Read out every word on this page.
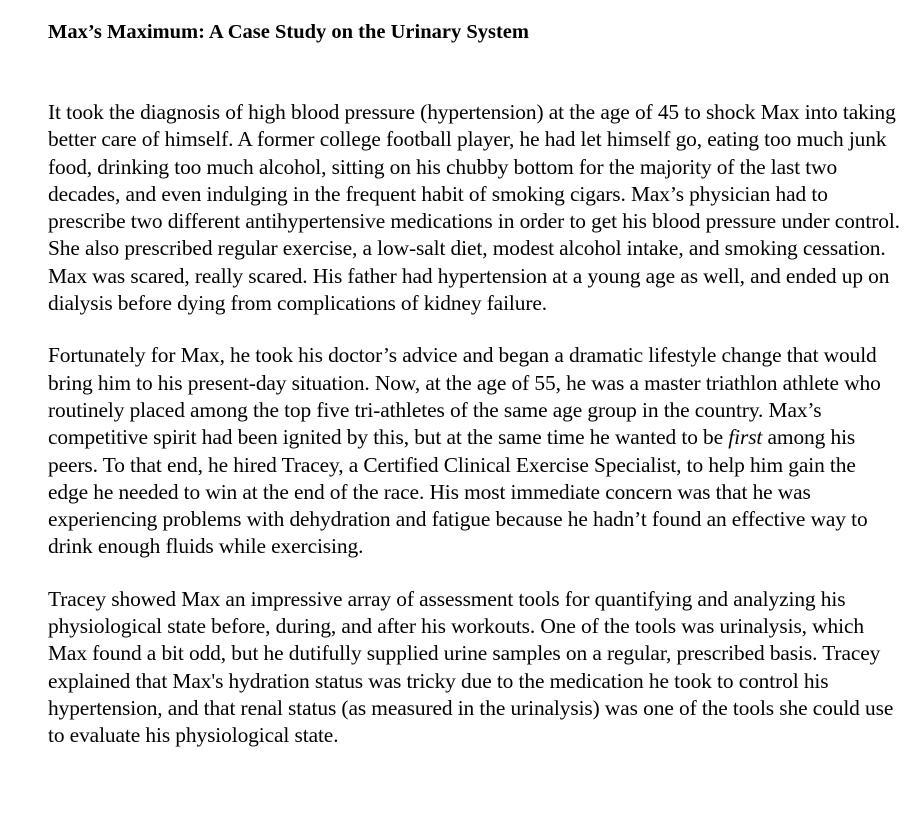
Max’s Maximum: A Case Study on the Urinary System

It took the diagnosis of high blood pressure (hypertension) at the age of 45 to shock Max into taking better care of himself. A former college football player, he had let himself go, eating too much junk food, drinking too much alcohol, sitting on his chubby bottom for the majority of the last two decades, and even indulging in the frequent habit of smoking cigars. Max’s physician had to prescribe two different antihypertensive medications in order to get his blood pressure under control. She also prescribed regular exercise, a low-salt diet, modest alcohol intake, and smoking cessation. Max was scared, really scared. His father had hypertension at a young age as well, and ended up on dialysis before dying from complications of kidney failure.

Fortunately for Max, he took his doctor’s advice and began a dramatic lifestyle change that would bring him to his present-day situation. Now, at the age of 55, he was a master triathlon athlete who routinely placed among the top five tri-athletes of the same age group in the country. Max’s competitive spirit had been ignited by this, but at the same time he wanted to be first among his peers. To that end, he hired Tracey, a Certified Clinical Exercise Specialist, to help him gain the edge he needed to win at the end of the race. His most immediate concern was that he was experiencing problems with dehydration and fatigue because he hadn’t found an effective way to drink enough fluids while exercising.

Tracey showed Max an impressive array of assessment tools for quantifying and analyzing his physiological state before, during, and after his workouts. One of the tools was urinalysis, which Max found a bit odd, but he dutifully supplied urine samples on a regular, prescribed basis. Tracey explained that Max's hydration status was tricky due to the medication he took to control his hypertension, and that renal status (as measured in the urinalysis) was one of the tools she could use to evaluate his physiological state.
